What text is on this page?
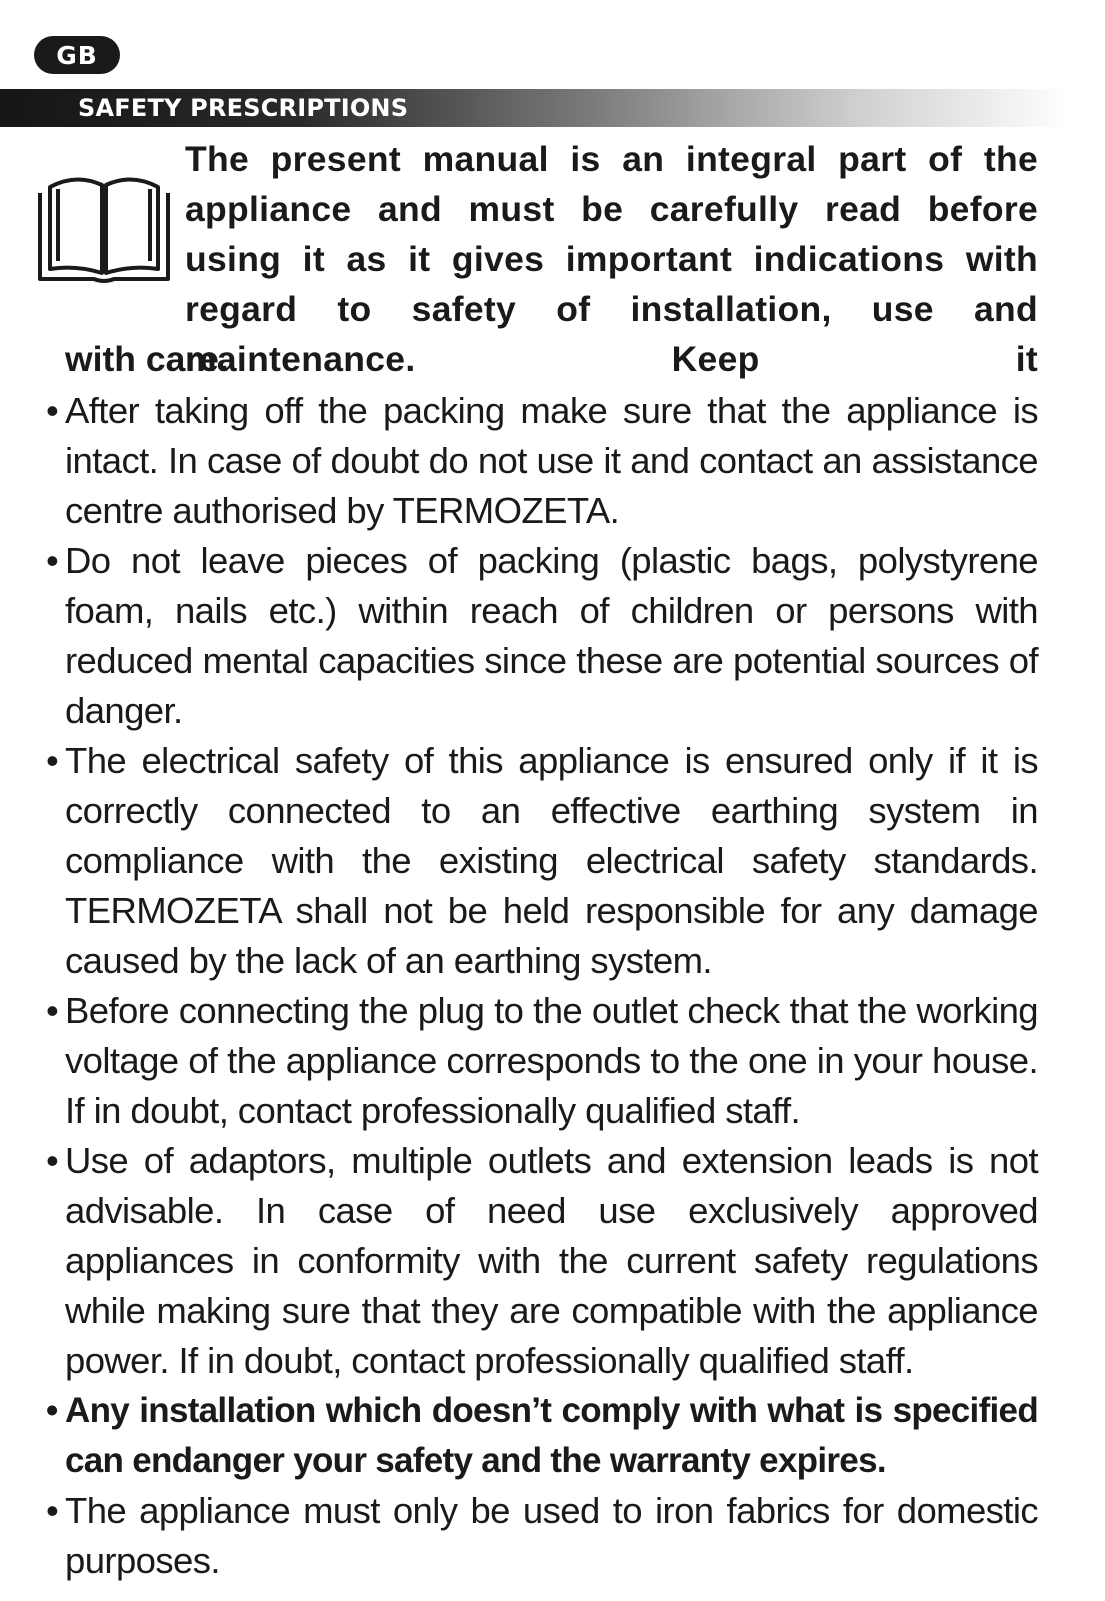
GB
SAFETY PRESCRIPTIONS
The present manual is an integral part of the appliance and must be carefully read before using it as it gives important indications with regard to safety of installation, use and maintenance. Keep it
with care.
• After taking off the packing make sure that the appliance is intact. In case of doubt do not use it and contact an assistance centre authorised by TERMOZETA.
• Do not leave pieces of packing (plastic bags, polystyrene foam, nails etc.) within reach of children or persons with reduced mental capacities since these are potential sources of danger.
• The electrical safety of this appliance is ensured only if it is correctly connected to an effective earthing system in compliance with the existing electrical safety standards. TERMOZETA shall not be held responsible for any damage caused by the lack of an earthing system.
• Before connecting the plug to the outlet check that the working voltage of the appliance corresponds to the one in your house. If in doubt, contact professionally qualified staff.
• Use of adaptors, multiple outlets and extension leads is not advisable. In case of need use exclusively approved appliances in conformity with the current safety regulations while making sure that they are compatible with the appliance power. If in doubt, contact professionally qualified staff.
• Any installation which doesn’t comply with what is specified can endanger your safety and the warranty expires.
• The appliance must only be used to iron fabrics for domestic purposes.
